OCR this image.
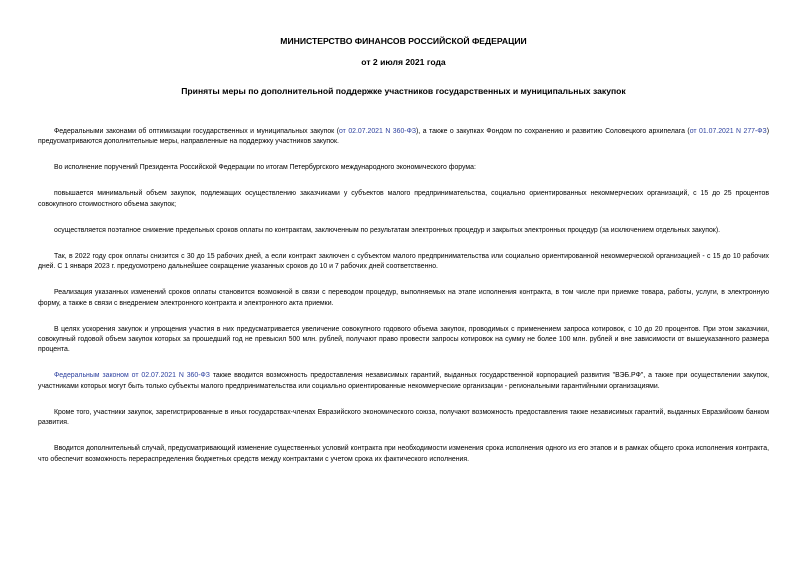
МИНИСТЕРСТВО ФИНАНСОВ РОССИЙСКОЙ ФЕДЕРАЦИИ
от 2 июля 2021 года
Приняты меры по дополнительной поддержке участников государственных и муниципальных закупок

Федеральными законами об оптимизации государственных и муниципальных закупок (от 02.07.2021 N 360-ФЗ), а также о закупках Фондом по сохранению и развитию Соловецкого архипелага (от 01.07.2021 N 277-ФЗ) предусматриваются дополнительные меры, направленные на поддержку участников закупок.

Во исполнение поручений Президента Российской Федерации по итогам Петербургского международного экономического форума:

повышается минимальный объем закупок, подлежащих осуществлению заказчиками у субъектов малого предпринимательства, социально ориентированных некоммерческих организаций, с 15 до 25 процентов совокупного стоимостного объема закупок;

осуществляется поэтапное снижение предельных сроков оплаты по контрактам, заключенным по результатам электронных процедур и закрытых электронных процедур (за исключением отдельных закупок).

Так, в 2022 году срок оплаты снизится с 30 до 15 рабочих дней, а если контракт заключен с субъектом малого предпринимательства или социально ориентированной некоммерческой организацией - с 15 до 10 рабочих дней. С 1 января 2023 г. предусмотрено дальнейшее сокращение указанных сроков до 10 и 7 рабочих дней соответственно.

Реализация указанных изменений сроков оплаты становится возможной в связи с переводом процедур, выполняемых на этапе исполнения контракта, в том числе при приемке товара, работы, услуги, в электронную форму, а также в связи с внедрением электронного контракта и электронного акта приемки.

В целях ускорения закупок и упрощения участия в них предусматривается увеличение совокупного годового объема закупок, проводимых с применением запроса котировок, с 10 до 20 процентов. При этом заказчики, совокупный годовой объем закупок которых за прошедший год не превысил 500 млн. рублей, получают право провести запросы котировок на сумму не более 100 млн. рублей и вне зависимости от вышеуказанного размера процента.

Федеральным законом от 02.07.2021 N 360-ФЗ также вводится возможность предоставления независимых гарантий, выданных государственной корпорацией развития "ВЭБ.РФ", а также при осуществлении закупок, участниками которых могут быть только субъекты малого предпринимательства или социально ориентированные некоммерческие организации - региональными гарантийными организациями.

Кроме того, участники закупок, зарегистрированные в иных государствах-членах Евразийского экономического союза, получают возможность предоставления также независимых гарантий, выданных Евразийским банком развития.

Вводится дополнительный случай, предусматривающий изменение существенных условий контракта при необходимости изменения срока исполнения одного из его этапов и в рамках общего срока исполнения контракта, что обеспечит возможность перераспределения бюджетных средств между контрактами с учетом срока их фактического исполнения.
